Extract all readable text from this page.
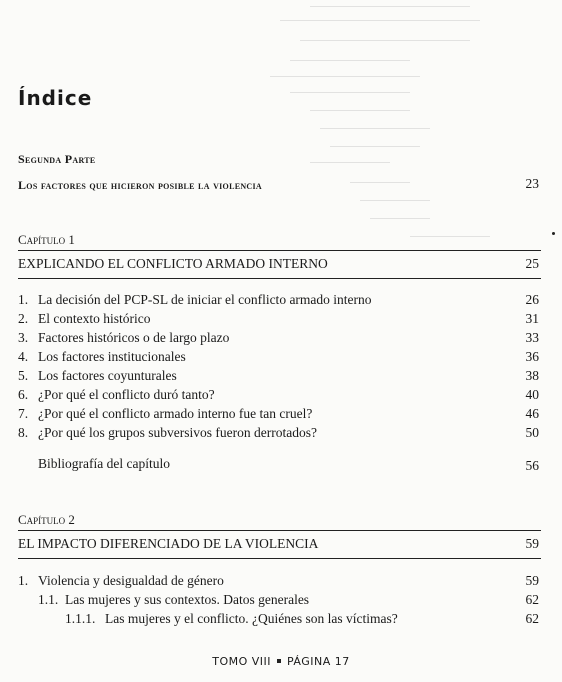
Índice
Segunda Parte
Los factores que hicieron posible la violencia	23
Capítulo 1
EXPLICANDO EL CONFLICTO ARMADO INTERNO	25
1. La decisión del PCP-SL de iniciar el conflicto armado interno	26
2. El contexto histórico	31
3. Factores históricos o de largo plazo	33
4. Los factores institucionales	36
5. Los factores coyunturales	38
6. ¿Por qué el conflicto duró tanto?	40
7. ¿Por qué el conflicto armado interno fue tan cruel?	46
8. ¿Por qué los grupos subversivos fueron derrotados?	50
Bibliografía del capítulo	56
Capítulo 2
EL IMPACTO DIFERENCIADO DE LA VIOLENCIA	59
1. Violencia y desigualdad de género	59
1.1. Las mujeres y sus contextos. Datos generales	62
1.1.1. Las mujeres y el conflicto. ¿Quiénes son las víctimas?	62
TOMO VIII PÁGINA 17
